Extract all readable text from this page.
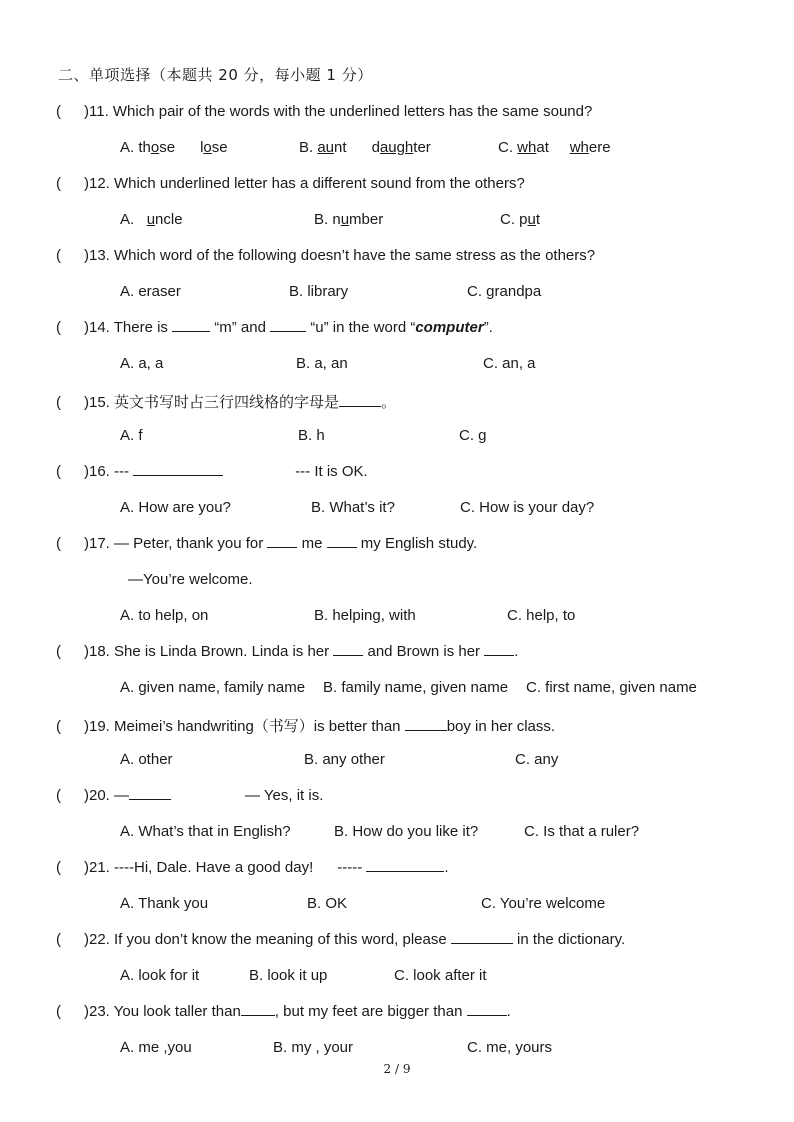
二、单项选择（本题共 20 分，每小题 1 分）
( )11. Which pair of the words with the underlined letters has the same sound?
A. those lose	B. aunt daughter	C. what where
( )12. Which underlined letter has a different sound from the others?
A.   uncle	B. number	C. put
( )13. Which word of the following doesn’t have the same stress as the others?
A. eraser	B. library	C. grandpa
( )14. There is	“m” and  “u” in the word “computer”.
A. a, a	B. a, an	C. an, a
( )15. 英文书写时占三行四线格的字母是	。
A. f	B. h	C. g
( )16. ---	--- It is OK.
A. How are you?	B. What’s it?	C. How is your day?
( )17. — Peter, thank you for  me  my English study.
—You’re welcome.
A. to help, on	B. helping, with	C. help, to
( )18. She is Linda Brown. Linda is her  and Brown is her .
A. given name, family name B. family name, given name C. first name, given name
( )19. Meimei’s handwriting（书写）is better than	boy in her class.
A. other	B. any other	C. any
( )20. —	— Yes, it is.
A. What’s that in English?	B. How do you like it?	C. Is that a ruler?
( )21. ----Hi, Dale. Have a good day! -----	.
A. Thank you	B. OK	C. You’re welcome
( )22. If you don’t know the meaning of this word, please	in the dictionary.
A. look for it	B. look it up	C. look after it
( )23. You look taller than , but my feet are bigger than	.
A. me ,you	B. my , your	C. me, yours
2 / 9
